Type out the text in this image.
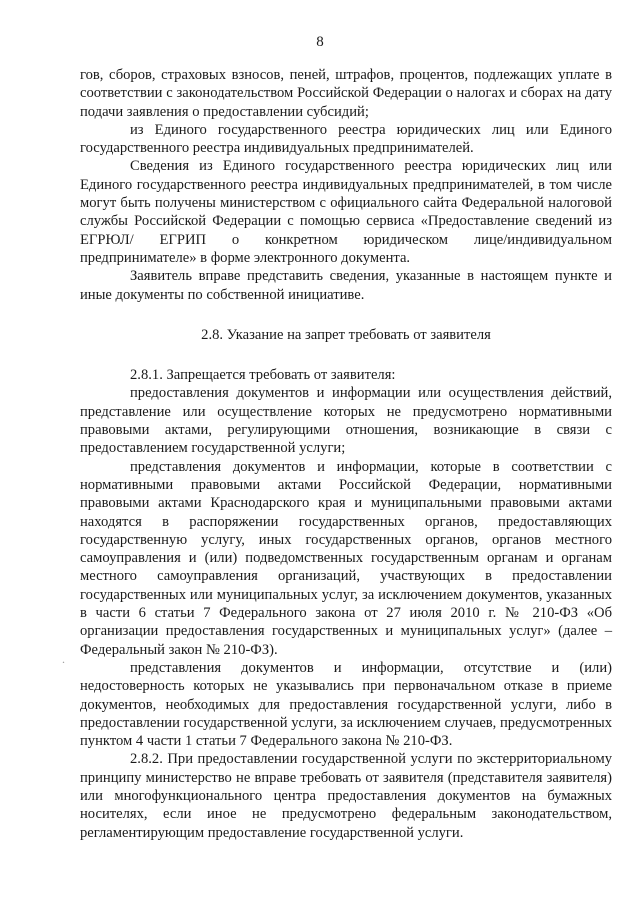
8

гов, сборов, страховых взносов, пеней, штрафов, процентов, подлежащих уплате в соответствии с законодательством Российской Федерации о налогах и сборах на дату подачи заявления о предоставлении субсидий;

из Единого государственного реестра юридических лиц или Единого государственного реестра индивидуальных предпринимателей.

Сведения из Единого государственного реестра юридических лиц или Единого государственного реестра индивидуальных предпринимателей, в том числе могут быть получены министерством с официального сайта Федеральной налоговой службы Российской Федерации с помощью сервиса «Предоставление сведений из ЕГРЮЛ/ ЕГРИП о конкретном юридическом лице/индивидуальном предпринимателе» в форме электронного документа.

Заявитель вправе представить сведения, указанные в настоящем пункте и иные документы по собственной инициативе.

2.8. Указание на запрет требовать от заявителя

2.8.1. Запрещается требовать от заявителя:

предоставления документов и информации или осуществления действий, представление или осуществление которых не предусмотрено нормативными правовыми актами, регулирующими отношения, возникающие в связи с предоставлением государственной услуги;

представления документов и информации, которые в соответствии с нормативными правовыми актами Российской Федерации, нормативными правовыми актами Краснодарского края и муниципальными правовыми актами находятся в распоряжении государственных органов, предоставляющих государственную услугу, иных государственных органов, органов местного самоуправления и (или) подведомственных государственным органам и органам местного самоуправления организаций, участвующих в предоставлении государственных или муниципальных услуг, за исключением документов, указанных в части 6 статьи 7 Федерального закона от 27 июля 2010 г. № 210-ФЗ «Об организации предоставления государственных и муниципальных услуг» (далее – Федеральный закон № 210-ФЗ).

представления документов и информации, отсутствие и (или) недостоверность которых не указывались при первоначальном отказе в приеме документов, необходимых для предоставления государственной услуги, либо в предоставлении государственной услуги, за исключением случаев, предусмотренных пунктом 4 части 1 статьи 7 Федерального закона № 210-ФЗ.

2.8.2. При предоставлении государственной услуги по экстерриториальному принципу министерство не вправе требовать от заявителя (представителя заявителя) или многофункционального центра предоставления документов на бумажных носителях, если иное не предусмотрено федеральным законодательством, регламентирующим предоставление государственной услуги.

.
